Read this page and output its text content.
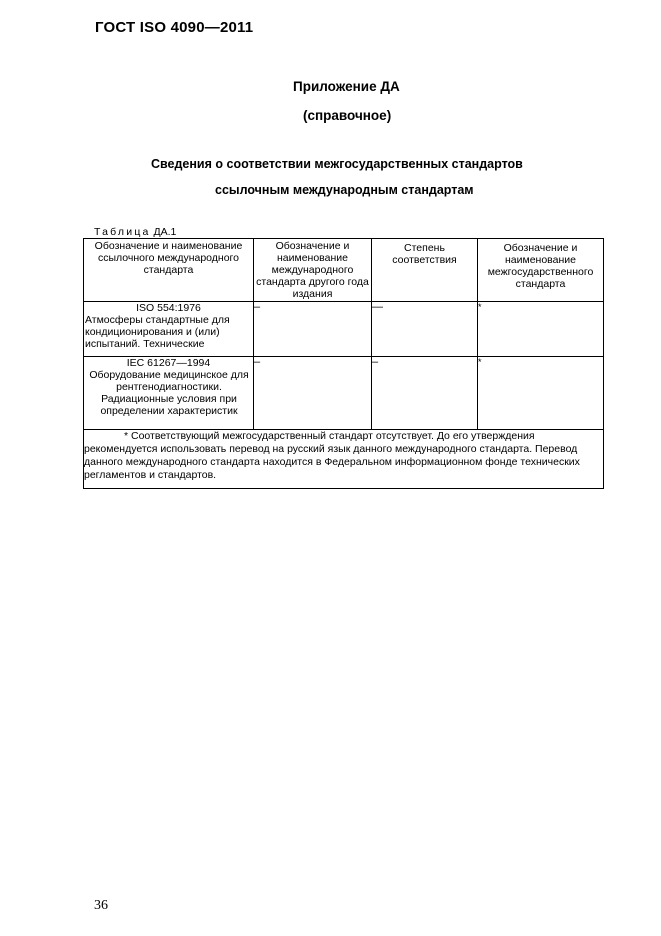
ГОСТ ISO 4090—2011
Приложение ДА
(справочное)
Сведения о соответствии межгосударственных стандартов
ссылочным международным стандартам
Таблица ДА.1
Обозначение и наименование ссылочного международного стандарта	Обозначение и наименование международного стандарта другого года издания	Степень соответствия	Обозначение и наименование межгосударственного стандарта

ISO 554:1976
Атмосферы стандартные для кондиционирования и (или) испытаний. Технические	–	—	*

IEC 61267—1994
Оборудование медицинское для рентгенодиагностики. Радиационные условия при определении характеристик	–	–	*

* Соответствующий межгосударственный стандарт отсутствует. До его утверждения
рекомендуется использовать перевод на русский язык данного международного стандарта. Перевод данного международного стандарта находится в Федеральном информационном фонде технических регламентов и стандартов.			
36
